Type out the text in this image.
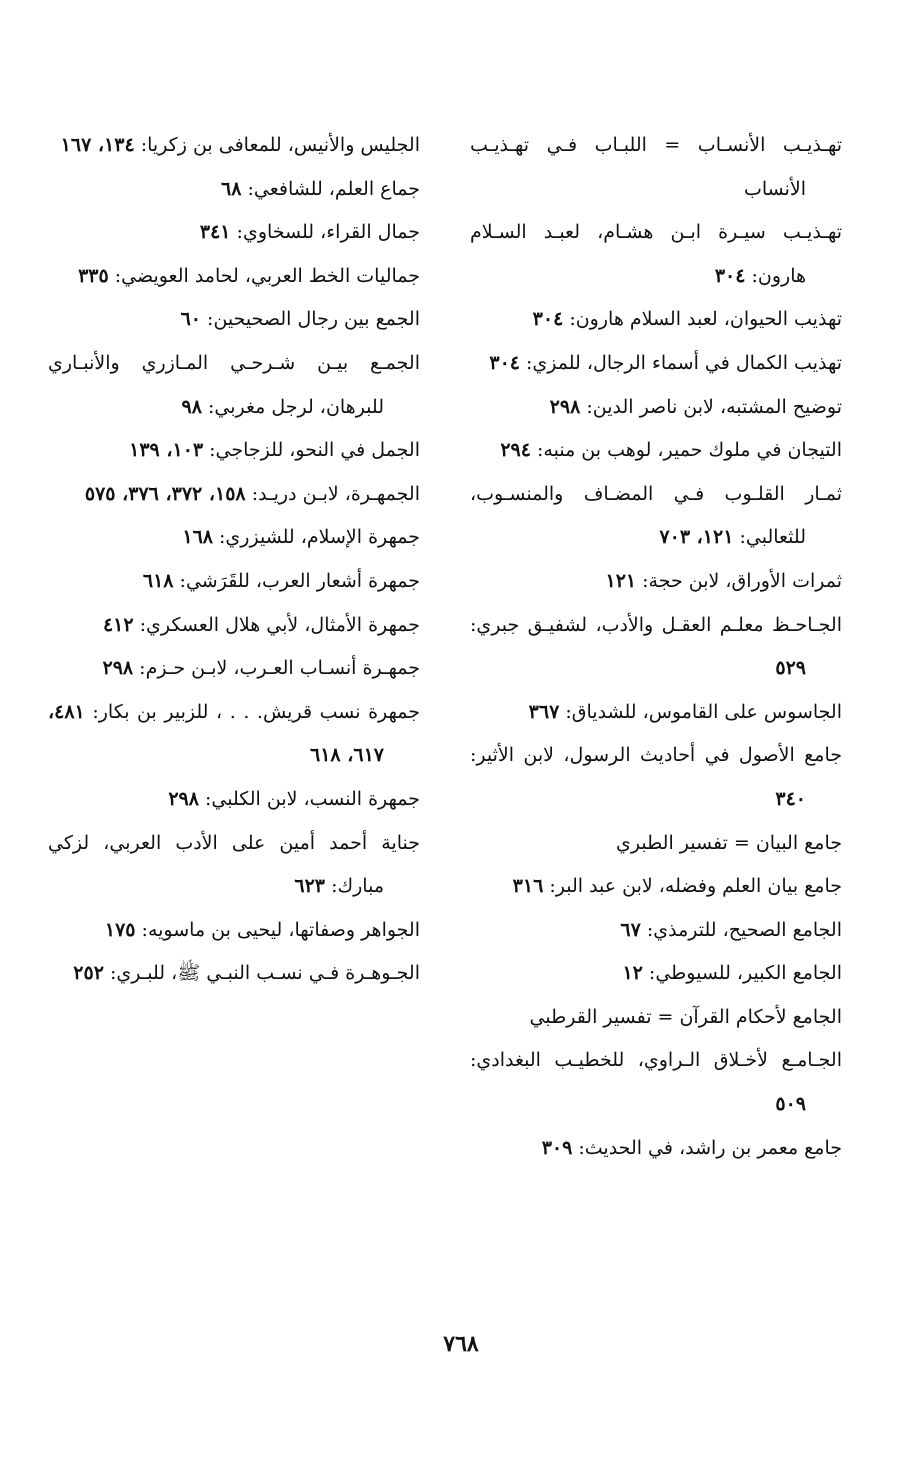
تهـذيـب الأنسـاب = اللبـاب فـي تهـذيـب الأنساب
تهـذيـب سيـرة ابـن هشـام، لعبـد السـلام هارون: ٣٠٤
تهذيب الحيوان، لعبد السلام هارون: ٣٠٤
تهذيب الكمال في أسماء الرجال، للمزي: ٣٠٤
توضيح المشتبه، لابن ناصر الدين: ٢٩٨
التيجان في ملوك حمير، لوهب بن منبه: ٢٩٤
ثمـار القلـوب فـي المضـاف والمنسـوب، للثعالبي: ١٢١، ٧٠٣
ثمرات الأوراق، لابن حجة: ١٢١
الجـاحـظ معلـم العقـل والأدب، لشفيـق جبري: ٥٢٩
الجاسوس على القاموس، للشدياق: ٣٦٧
جامع الأصول في أحاديث الرسول، لابن الأثير: ٣٤٠
جامع البيان = تفسير الطبري
جامع بيان العلم وفضله، لابن عبد البر: ٣١٦
الجامع الصحيح، للترمذي: ٦٧
الجامع الكبير، للسيوطي: ١٢
الجامع لأحكام القرآن = تفسير القرطبي
الجـامـع لأخـلاق الـراوي، للخطيـب البغدادي: ٥٠٩
جامع معمر بن راشد، في الحديث: ٣٠٩
الجليس والأنيس، للمعافى بن زكريا: ١٣٤، ١٦٧
جماع العلم، للشافعي: ٦٨
جمال القراء، للسخاوي: ٣٤١
جماليات الخط العربي، لحامد العويضي: ٣٣٥
الجمع بين رجال الصحيحين: ٦٠
الجمـع بيـن شـرحـي المـازري والأنبـاري للبرهان، لرجل مغربي: ٩٨
الجمل في النحو، للزجاجي: ١٠٣، ١٣٩
الجمهـرة، لابـن دريـد: ١٥٨، ٣٧٢، ٣٧٦، ٥٧٥
جمهرة الإسلام، للشيزري: ١٦٨
جمهرة أشعار العرب، للقَرَشي: ٦١٨
جمهرة الأمثال، لأبي هلال العسكري: ٤١٢
جمهـرة أنسـاب العـرب، لابـن حـزم: ٢٩٨
جمهرة نسب قريش. . . ، للزبير بن بكار: ٤٨١، ٦١٧، ٦١٨
جمهرة النسب، لابن الكلبي: ٢٩٨
جناية أحمد أمين على الأدب العربي، لزكي مبارك: ٦٢٣
الجواهر وصفاتها، ليحيى بن ماسويه: ١٧٥
الجـوهـرة فـي نسـب النبـي ﷺ، للبـري: ٢٥٢
٧٦٨
